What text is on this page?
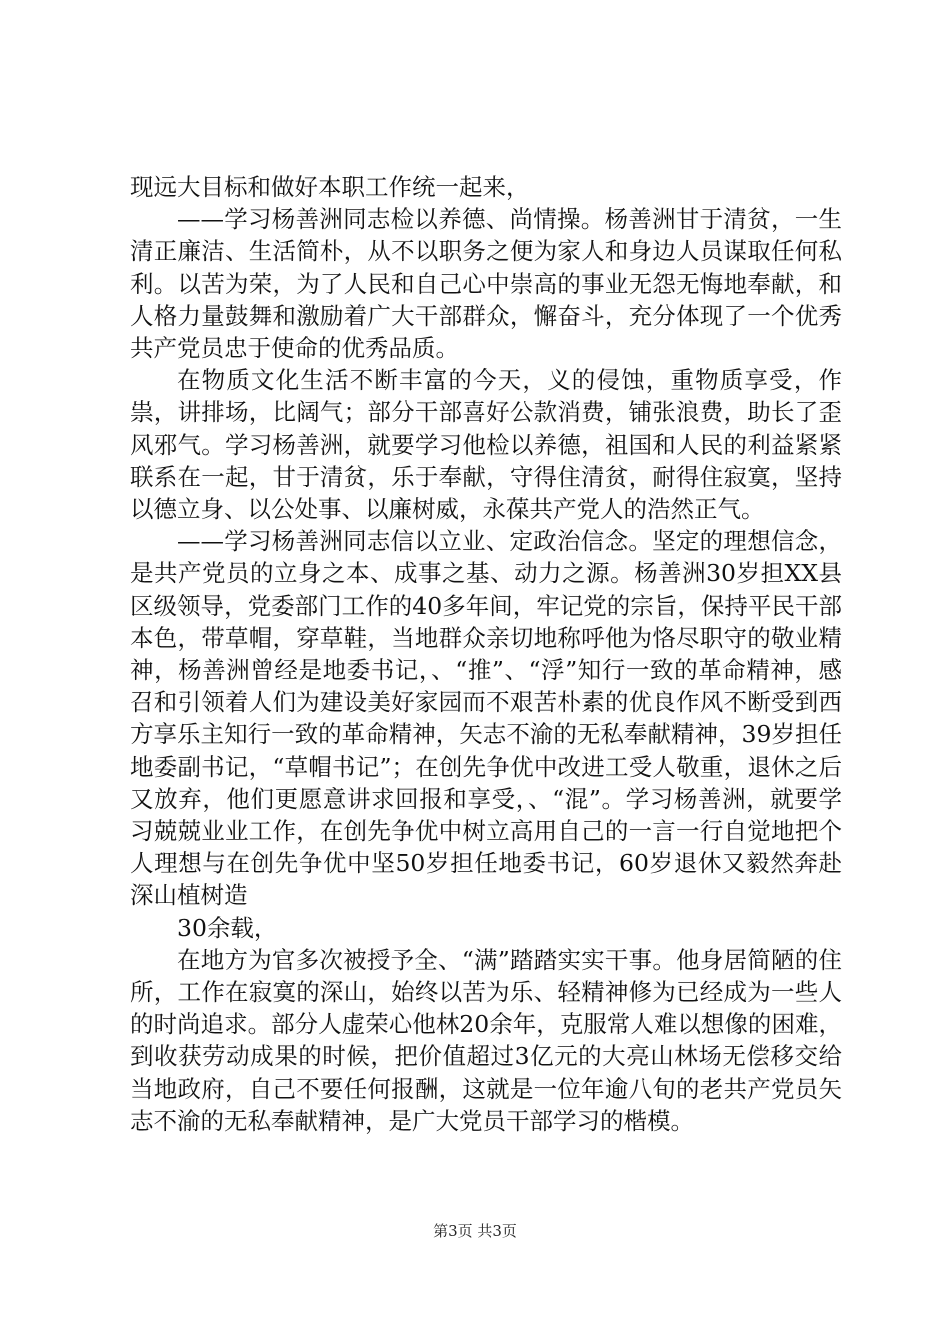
现远大目标和做好本职工作统一起来，

——学习杨善洲同志检以养德、尚情操。杨善洲甘于清贫，一生清正廉洁、生活简朴，从不以职务之便为家人和身边人员谋取任何私利。以苦为荣，为了人民和自己心中崇高的事业无怨无悔地奉献，和人格力量鼓舞和激励着广大干部群众，懈奋斗，充分体现了一个优秀共产党员忠于使命的优秀品质。

在物质文化生活不断丰富的今天，义的侵蚀，重物质享受，作祟，讲排场，比阔气；部分干部喜好公款消费，铺张浪费，助长了歪风邪气。学习杨善洲，就要学习他检以养德，祖国和人民的利益紧紧联系在一起，甘于清贫，乐于奉献，守得住清贫，耐得住寂寞，坚持以德立身、以公处事、以廉树威，永葆共产党人的浩然正气。

——学习杨善洲同志信以立业、定政治信念。坚定的理想信念，是共产党员的立身之本、成事之基、动力之源。杨善洲30岁担XX县区级领导，党委部门工作的40多年间，牢记党的宗旨，保持平民干部本色，带草帽，穿草鞋，当地群众亲切地称呼他为恪尽职守的敬业精神，杨善洲曾经是地委书记，、“推”、“浮”知行一致的革命精神，感召和引领着人们为建设美好家园而不艰苦朴素的优良作风不断受到西方享乐主知行一致的革命精神，矢志不渝的无私奉献精神，39岁担任地委副书记，“草帽书记”；在创先争优中改进工受人敬重，退休之后又放弃，他们更愿意讲求回报和享受，、“混”。学习杨善洲，就要学习兢兢业业工作，在创先争优中树立高用自己的一言一行自觉地把个人理想与在创先争优中坚50岁担任地委书记，60岁退休又毅然奔赴深山植树造

30余载，

在地方为官多次被授予全、“满”踏踏实实干事。他身居简陋的住所，工作在寂寞的深山，始终以苦为乐、轻精神修为已经成为一些人的时尚追求。部分人虚荣心他林20余年，克服常人难以想像的困难，到收获劳动成果的时候，把价值超过3亿元的大亮山林场无偿移交给当地政府，自己不要任何报酬，这就是一位年逾八旬的老共产党员矢志不渝的无私奉献精神，是广大党员干部学习的楷模。

第3页 共3页
